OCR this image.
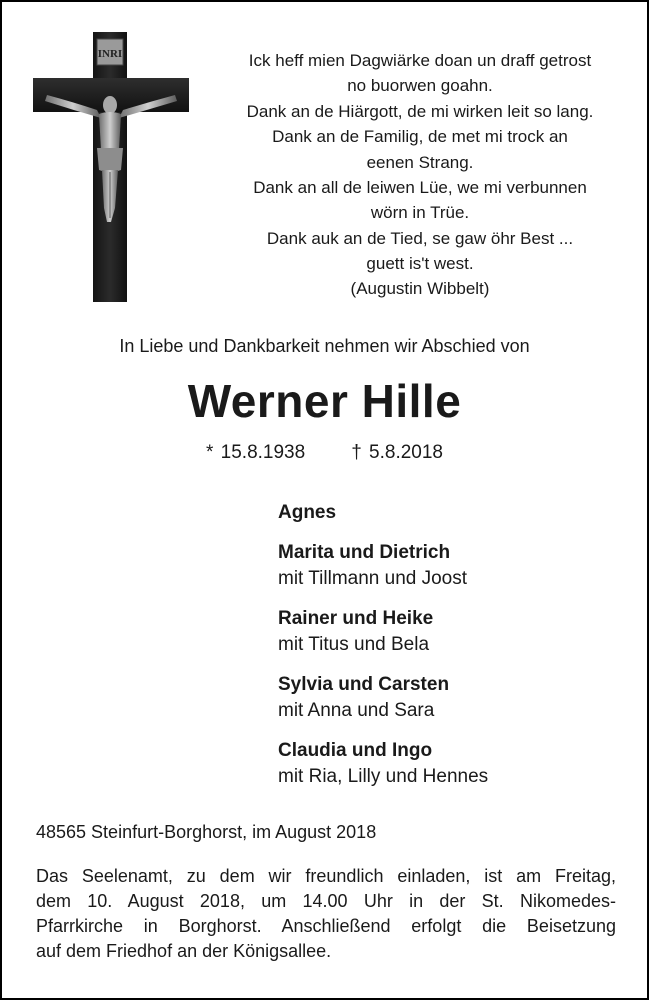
INRI	Ick heff mien Dagwiärke doan un draff getrost
no buorwen goahn.
Dank an de Hiärgott, de mi wirken leit so lang.
Dank an de Familig, de met mi trock an
eenen Strang.
Dank an all de leiwen Lüe, we mi verbunnen
wörn in Trüe.
Dank auk an de Tied, se gaw öhr Best ...
guett is't west.
(Augustin Wibbelt)
In Liebe und Dankbarkeit nehmen wir Abschied von
Werner Hille
* 15.8.1938 † 5.8.2018
Agnes
Marita und Dietrich
mit Tillmann und Joost
Rainer und Heike
mit Titus und Bela
Sylvia und Carsten
mit Anna und Sara
Claudia und Ingo
mit Ria, Lilly und Hennes
48565 Steinfurt-Borghorst, im August 2018
Das Seelenamt, zu dem wir freundlich einladen, ist am Freitag,
dem 10. August 2018, um 14.00 Uhr in der St. Nikomedes-
Pfarrkirche in Borghorst. Anschließend erfolgt die Beisetzung
auf dem Friedhof an der Königsallee.
